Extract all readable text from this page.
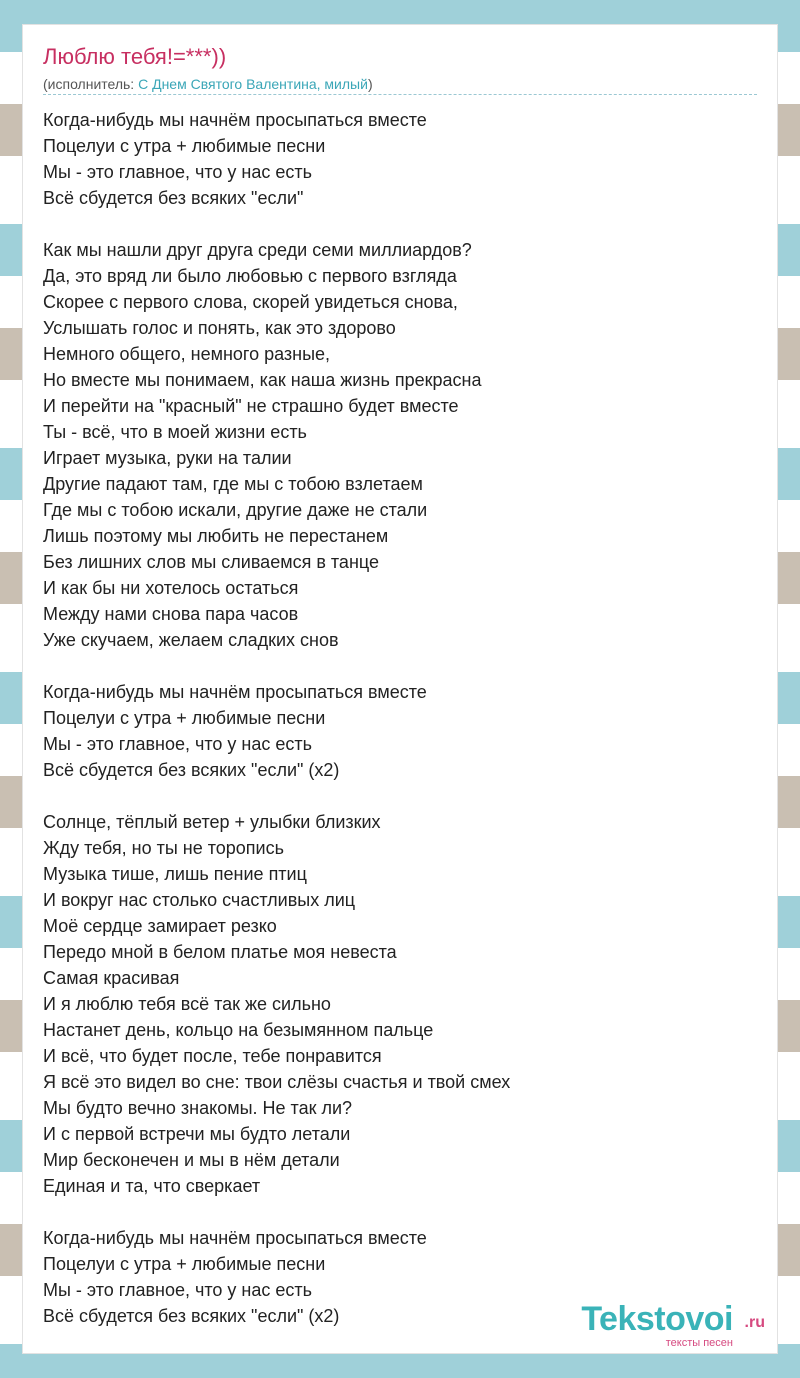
Люблю тебя!=***))
(исполнитель: С Днем Святого Валентина, милый)
Когда-нибудь мы начнём просыпаться вместе
Поцелуи с утра + любимые песни
Мы - это главное, что у нас есть
Всё сбудется без всяких "если"
Как мы нашли друг друга среди семи миллиардов?
Да, это вряд ли было любовью с первого взгляда
Скорее с первого слова, скорей увидеться снова,
Услышать голос и понять, как это здорово
Немного общего, немного разные,
Но вместе мы понимаем, как наша жизнь прекрасна
И перейти на "красный" не страшно будет вместе
Ты - всё, что в моей жизни есть
Играет музыка, руки на талии
Другие падают там, где мы с тобою взлетаем
Где мы с тобою искали, другие даже не стали
Лишь поэтому мы любить не перестанем
Без лишних слов мы сливаемся в танце
И как бы ни хотелось остаться
Между нами снова пара часов
Уже скучаем, желаем сладких снов
Когда-нибудь мы начнём просыпаться вместе
Поцелуи с утра + любимые песни
Мы - это главное, что у нас есть
Всё сбудется без всяких "если" (x2)
Солнце, тёплый ветер + улыбки близких
Жду тебя, но ты не торопись
Музыка тише, лишь пение птиц
И вокруг нас столько счастливых лиц
Моё сердце замирает резко
Передо мной в белом платье моя невеста
Самая красивая
И я люблю тебя всё так же сильно
Настанет день, кольцо на безымянном пальце
И всё, что будет после, тебе понравится
Я всё это видел во сне: твои слёзы счастья и твой смех
Мы будто вечно знакомы. Не так ли?
И с первой встречи мы будто летали
Мир бесконечен и мы в нём детали
Единая и та, что сверкает
Когда-нибудь мы начнём просыпаться вместе
Поцелуи с утра + любимые песни
Мы - это главное, что у нас есть
Всё сбудется без всяких "если" (x2)	Tekstovoi .ru
тексты песен
